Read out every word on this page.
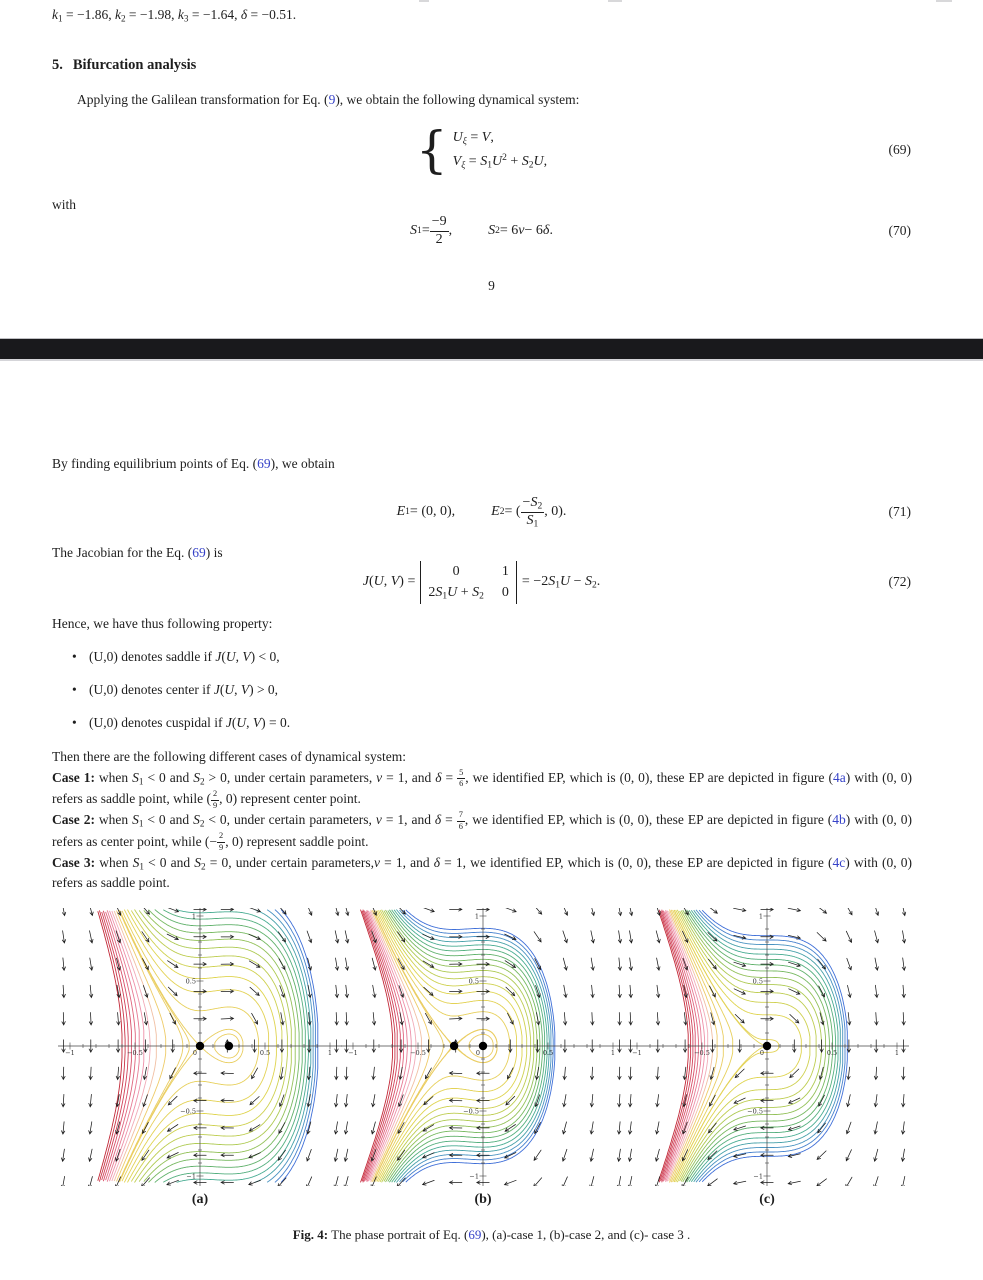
$k_1 = -1.86$, $k_2 = -1.98$, $k_3 = -1.64$, δ = −0.51.
5. Bifurcation analysis
Applying the Galilean transformation for Eq. (9), we obtain the following dynamical system:
{ $U_\xi = V$,
$V_\xi = S_1U^2 + S_2U$,
(69)
with
S $1 = \frac{-9}{2}$ ,	S 2 = 6 v − 6 δ .	(70)
9
By finding equilibrium points of Eq. (69), we obtain
E 1 = (0, 0),	E 2 = ( $\frac{-S_2}{S_1}$ , 0).	(71)
The Jacobian for the Eq. (69) is
J(U, V) =
0	1
$2S_1U + S_2$ 0
= $-2S_1U - S_2$.	(72)
Hence, we have thus following property:
• (U,0) denotes saddle if J(U, V) < 0,
• (U,0) denotes center if J(U, V) > 0,
• (U,0) denotes cuspidal if J(U, V) = 0.
Then there are the following different cases of dynamical system:
Case 1: when $S_1 < 0$ and $S_2 > 0$, under certain parameters, v = 1, and $\delta = \frac{5}{6}$ , we identified EP, which is (0, 0), these EP are depicted in figure (4a) with (0, 0) refers as saddle point, while ( $\frac{2}{9}$ , 0) represent center point.
Case 2: when $S_1 < 0$ and $S_2 < 0$, under certain parameters, v = 1, and $\delta = \frac{7}{6}$ , we identified EP, which is (0, 0), these EP are depicted in figure (4b) with (0, 0) refers as center point, while (− $\frac{2}{9}$ , 0) represent saddle point.
Case 3: when $S_1 < 0$ and $S_2 = 0$, under certain parameters,v = 1, and δ = 1, we identified EP, which is (0, 0), these EP are depicted in figure (4c) with (0, 0) refers as saddle point.
−1	−0.5	0	0.5	1
1
0.5
−0.5
−1
−1	−0.5	0	0.5	1
1
0.5
−0.5
−1
−1	−0.5	0	0.5	1
1
0.5
−0.5
−1
(a)	(b)	(c)
Fig. 4: The phase portrait of Eq. (69), (a)-case 1, (b)-case 2, and (c)- case 3 .
